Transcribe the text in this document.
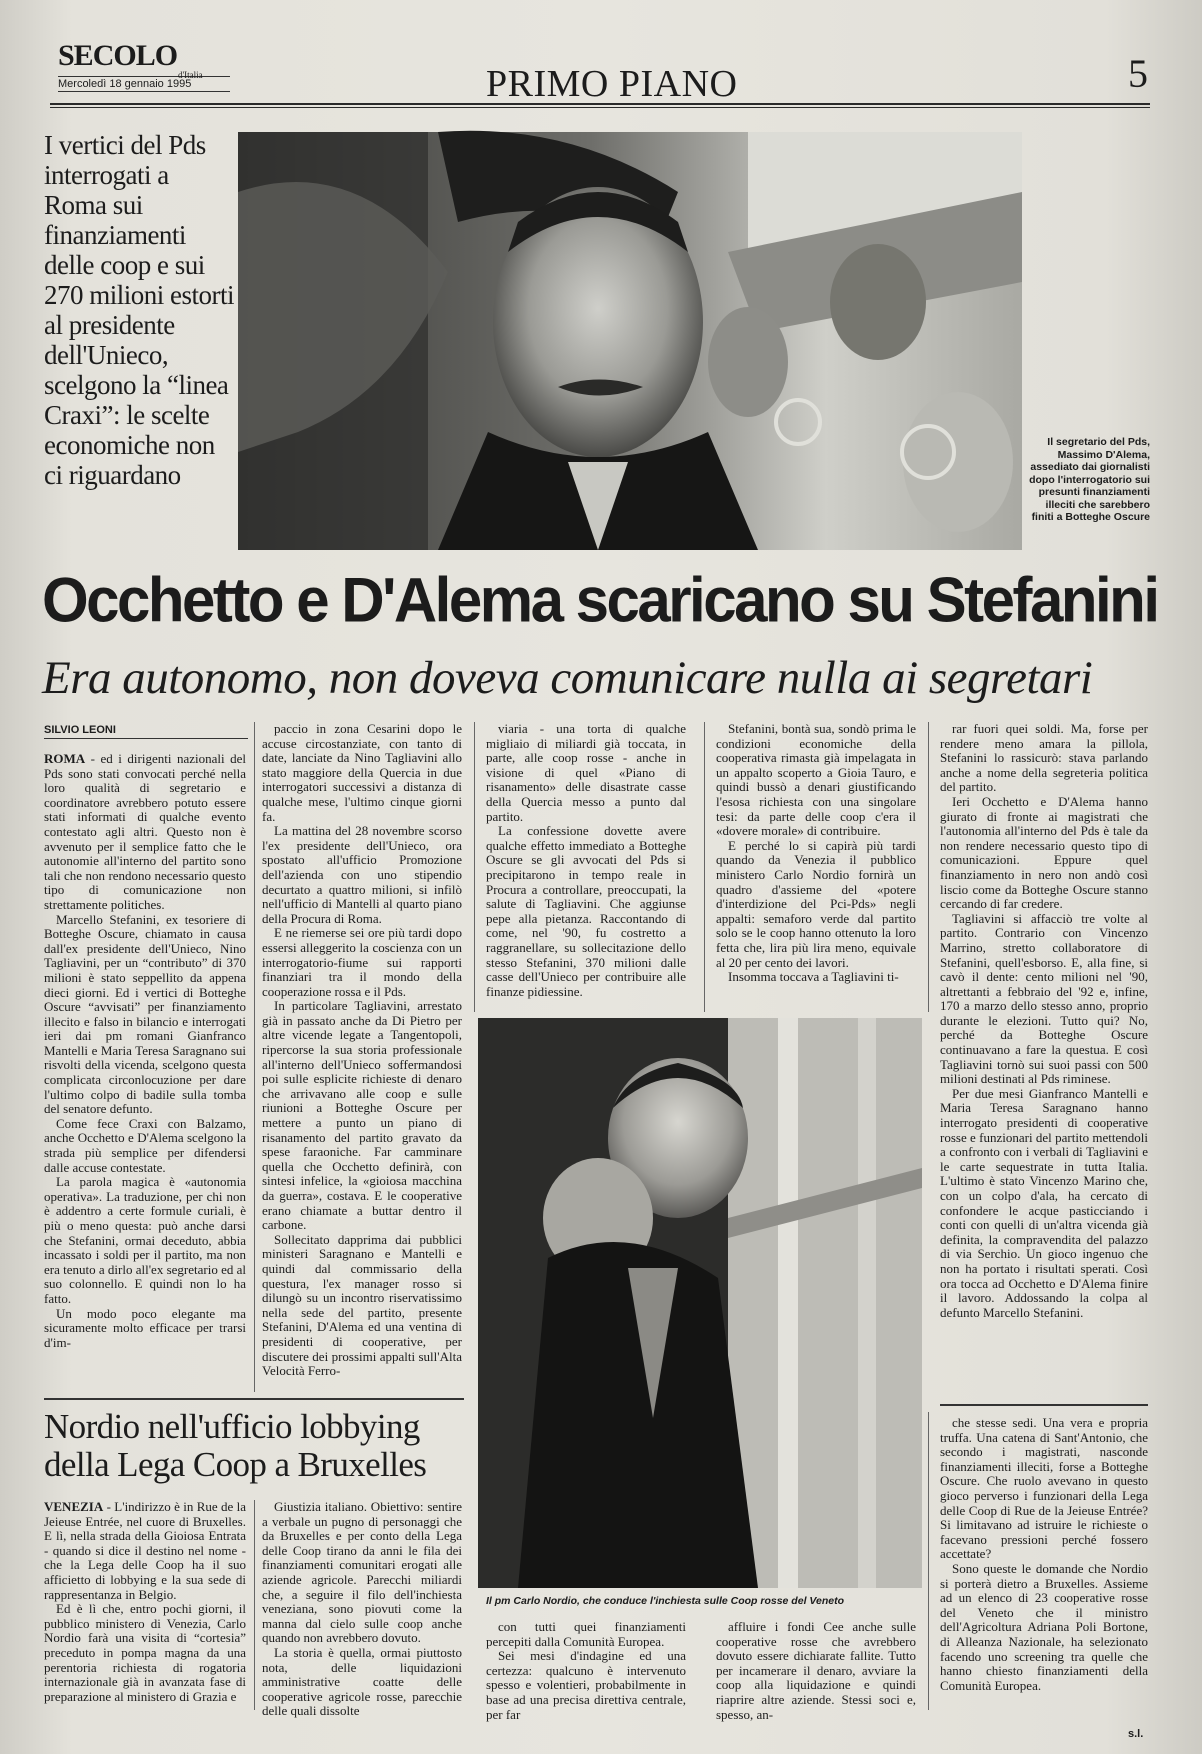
SECOLO
d'Italia
Mercoledì 18 gennaio 1995	PRIMO PIANO	5
I vertici del Pds interrogati a Roma sui finanziamenti delle coop e sui 270 milioni estorti al presidente dell'Unieco, scelgono la “linea Craxi”: le scelte economiche non ci riguardano
Il segretario del Pds, Massimo D'Alema, assediato dai giornalisti dopo l'interrogatorio sui presunti finanziamenti illeciti che sarebbero finiti a Botteghe Oscure
Occhetto e D'Alema scaricano su Stefanini
Era autonomo, non doveva comunicare nulla ai segretari
SILVIO LEONI

ROMA - ed i dirigenti nazionali del Pds sono stati convocati perché nella loro qualità di segretario e coordinatore avrebbero potuto essere stati informati di qualche evento contestato agli altri. Questo non è avvenuto per il semplice fatto che le autonomie all'interno del partito sono tali che non rendono necessario questo tipo di comunicazione non strettamente politiches.

Marcello Stefanini, ex tesoriere di Botteghe Oscure, chiamato in causa dall'ex presidente dell'Unieco, Nino Tagliavini, per un “contributo” di 370 milioni è stato seppellito da appena dieci giorni. Ed i vertici di Botteghe Oscure “avvisati” per finanziamento illecito e falso in bilancio e interrogati ieri dai pm romani Gianfranco Mantelli e Maria Teresa Saragnano sui risvolti della vicenda, scelgono questa complicata circonlocuzione per dare l'ultimo colpo di badile sulla tomba del senatore defunto.

Come fece Craxi con Balzamo, anche Occhetto e D'Alema scelgono la strada più semplice per difendersi dalle accuse contestate.

La parola magica è «autonomia operativa». La traduzione, per chi non è addentro a certe formule curiali, è più o meno questa: può anche darsi che Stefanini, ormai deceduto, abbia incassato i soldi per il partito, ma non era tenuto a dirlo all'ex segretario ed al suo colonnello. E quindi non lo ha fatto.

Un modo poco elegante ma sicuramente molto efficace per trarsi d'im-

paccio in zona Cesarini dopo le accuse circostanziate, con tanto di date, lanciate da Nino Tagliavini allo stato maggiore della Quercia in due interrogatori successivi a distanza di qualche mese, l'ultimo cinque giorni fa.

La mattina del 28 novembre scorso l'ex presidente dell'Unieco, ora spostato all'ufficio Promozione dell'azienda con uno stipendio decurtato a quattro milioni, si infilò nell'ufficio di Mantelli al quarto piano della Procura di Roma.

E ne riemerse sei ore più tardi dopo essersi alleggerito la coscienza con un interrogatorio-fiume sui rapporti finanziari tra il mondo della cooperazione rossa e il Pds.

In particolare Tagliavini, arrestato già in passato anche da Di Pietro per altre vicende legate a Tangentopoli, ripercorse la sua storia professionale all'interno dell'Unieco soffermandosi poi sulle esplicite richieste di denaro che arrivavano alle coop e sulle riunioni a Botteghe Oscure per mettere a punto un piano di risanamento del partito gravato da spese faraoniche. Far camminare quella che Occhetto definirà, con sintesi infelice, la «gioiosa macchina da guerra», costava. E le cooperative erano chiamate a buttar dentro il carbone.

Sollecitato dapprima dai pubblici ministeri Saragnano e Mantelli e quindi dal commissario della questura, l'ex manager rosso si dilungò su un incontro riservatissimo nella sede del partito, presente Stefanini, D'Alema ed una ventina di presidenti di cooperative, per discutere dei prossimi appalti sull'Alta Velocità Ferro-

viaria - una torta di qualche migliaio di miliardi già toccata, in parte, alle coop rosse - anche in visione di quel «Piano di risanamento» delle disastrate casse della Quercia messo a punto dal partito.

La confessione dovette avere qualche effetto immediato a Botteghe Oscure se gli avvocati del Pds si precipitarono in tempo reale in Procura a controllare, preoccupati, la salute di Tagliavini. Che aggiunse pepe alla pietanza. Raccontando di come, nel '90, fu costretto a raggranellare, su sollecitazione dello stesso Stefanini, 370 milioni dalle casse dell'Unieco per contribuire alle finanze pidiessine.

Stefanini, bontà sua, sondò prima le condizioni economiche della cooperativa rimasta già impelagata in un appalto scoperto a Gioia Tauro, e quindi bussò a denari giustificando l'esosa richiesta con una singolare tesi: da parte delle coop c'era il «dovere morale» di contribuire.

E perché lo si capirà più tardi quando da Venezia il pubblico ministero Carlo Nordio fornirà un quadro d'assieme del «potere d'interdizione del Pci-Pds» negli appalti: semaforo verde dal partito solo se le coop hanno ottenuto la loro fetta che, lira più lira meno, equivale al 20 per cento dei lavori.

Insomma toccava a Tagliavini ti-

rar fuori quei soldi. Ma, forse per rendere meno amara la pillola, Stefanini lo rassicurò: stava parlando anche a nome della segreteria politica del partito.

Ieri Occhetto e D'Alema hanno giurato di fronte ai magistrati che l'autonomia all'interno del Pds è tale da non rendere necessario questo tipo di comunicazioni. Eppure quel finanziamento in nero non andò così liscio come da Botteghe Oscure stanno cercando di far credere.

Tagliavini si affacciò tre volte al partito. Contrario con Vincenzo Marrino, stretto collaboratore di Stefanini, quell'esborso. E, alla fine, si cavò il dente: cento milioni nel '90, altrettanti a febbraio del '92 e, infine, 170 a marzo dello stesso anno, proprio durante le elezioni. Tutto qui? No, perché da Botteghe Oscure continuavano a fare la questua. E così Tagliavini tornò sui suoi passi con 500 milioni destinati al Pds riminese.

Per due mesi Gianfranco Mantelli e Maria Teresa Saragnano hanno interrogato presidenti di cooperative rosse e funzionari del partito mettendoli a confronto con i verbali di Tagliavini e le carte sequestrate in tutta Italia. L'ultimo è stato Vincenzo Marino che, con un colpo d'ala, ha cercato di confondere le acque pasticciando i conti con quelli di un'altra vicenda già definita, la compravendita del palazzo di via Serchio. Un gioco ingenuo che non ha portato i risultati sperati. Così ora tocca ad Occhetto e D'Alema finire il lavoro. Addossando la colpa al defunto Marcello Stefanini.

Il pm Carlo Nordio, che conduce l'inchiesta sulle Coop rosse del Veneto
Nordio nell'ufficio lobbying della Lega Coop a Bruxelles

VENEZIA - L'indirizzo è in Rue de la Jeieuse Entrée, nel cuore di Bruxelles. E lì, nella strada della Gioiosa Entrata - quando si dice il destino nel nome - che la Lega delle Coop ha il suo afficietto di lobbying e la sua sede di rappresentanza in Belgio.

Ed è lì che, entro pochi giorni, il pubblico ministero di Venezia, Carlo Nordio farà una visita di “cortesia” preceduto in pompa magna da una perentoria richiesta di rogatoria internazionale già in avanzata fase di preparazione al ministero di Grazia e

Giustizia italiano. Obiettivo: sentire a verbale un pugno di personaggi che da Bruxelles e per conto della Lega delle Coop tirano da anni le fila dei finanziamenti comunitari erogati alle aziende agricole. Parecchi miliardi che, a seguire il filo dell'inchiesta veneziana, sono piovuti come la manna dal cielo sulle coop anche quando non avrebbero dovuto.

La storia è quella, ormai piuttosto nota, delle liquidazioni amministrative coatte delle cooperative agricole rosse, parecchie delle quali dissolte

con tutti quei finanziamenti percepiti dalla Comunità Europea.

Sei mesi d'indagine ed una certezza: qualcuno è intervenuto spesso e volentieri, probabilmente in base ad una precisa direttiva centrale, per far

affluire i fondi Cee anche sulle cooperative rosse che avrebbero dovuto essere dichiarate fallite. Tutto per incamerare il denaro, avviare la coop alla liquidazione e quindi riaprire altre aziende. Stessi soci e, spesso, an-

che stesse sedi. Una vera e propria truffa. Una catena di Sant'Antonio, che secondo i magistrati, nasconde finanziamenti illeciti, forse a Botteghe Oscure. Che ruolo avevano in questo gioco perverso i funzionari della Lega delle Coop di Rue de la Jeieuse Entrée? Si limitavano ad istruire le richieste o facevano pressioni perché fossero accettate?

Sono queste le domande che Nordio si porterà dietro a Bruxelles. Assieme ad un elenco di 23 cooperative rosse del Veneto che il ministro dell'Agricoltura Adriana Poli Bortone, di Alleanza Nazionale, ha selezionato facendo uno screening tra quelle che hanno chiesto finanziamenti della Comunità Europea.

s.l.
